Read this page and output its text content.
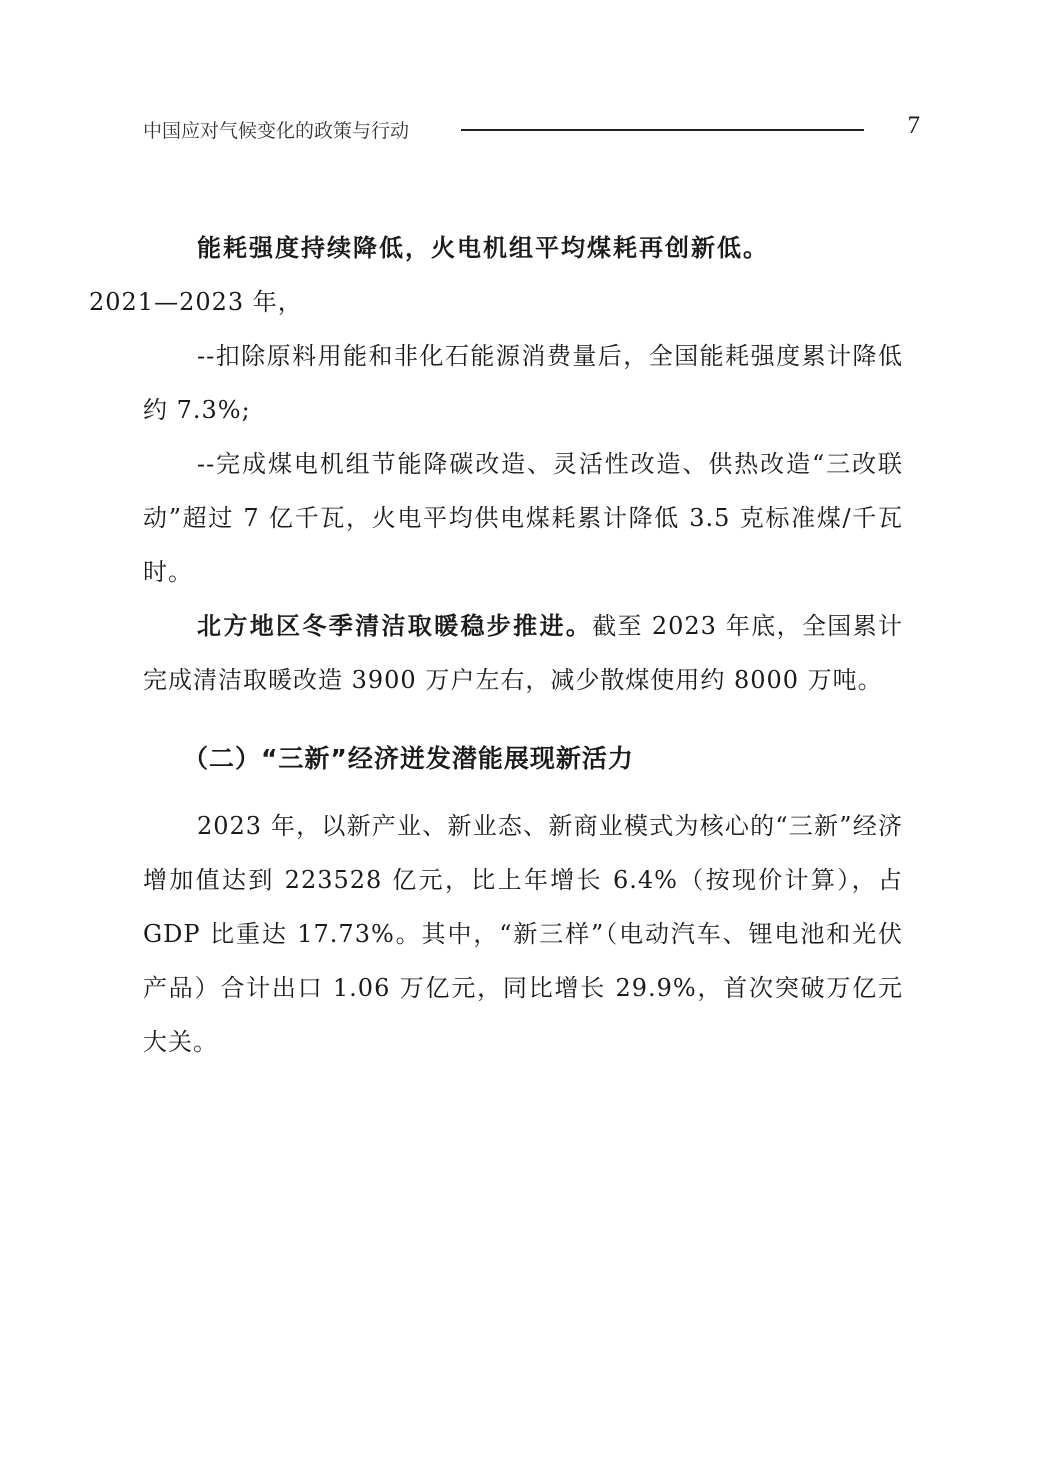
中国应对气候变化的政策与行动	7

能耗强度持续降低，火电机组平均煤耗再创新低。
2021—2023 年，

--扣除原料用能和非化石能源消费量后，全国能耗强度累计降低约 7.3%;

--完成煤电机组节能降碳改造、灵活性改造、供热改造“三改联动”超过 7 亿千瓦，火电平均供电煤耗累计降低 3.5 克标准煤/千瓦时。

北方地区冬季清洁取暖稳步推进。截至 2023 年底，全国累计完成清洁取暖改造 3900 万户左右，减少散煤使用约 8000 万吨。

（二）“三新”经济迸发潜能展现新活力

2023 年，以新产业、新业态、新商业模式为核心的“三新”经济增加值达到 223528 亿元，比上年增长 6.4%（按现价计算），占 GDP 比重达 17.73%。其中，“新三样”（电动汽车、锂电池和光伏产品）合计出口 1.06 万亿元，同比增长 29.9%，首次突破万亿元大关。
